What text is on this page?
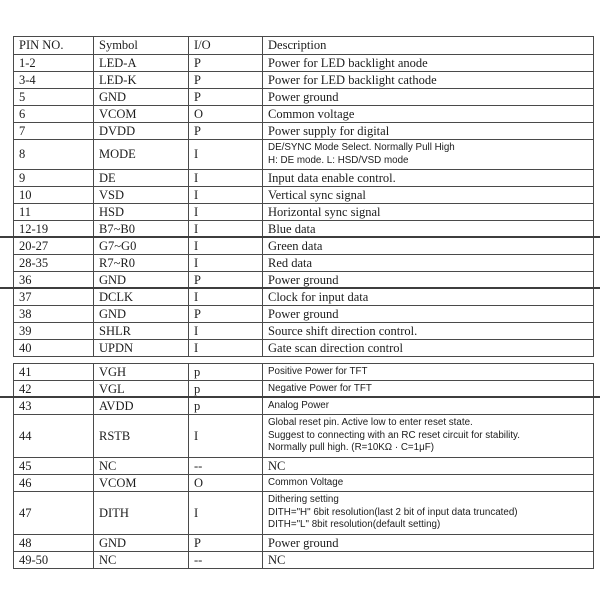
PIN NO.	Symbol	I/O	Description
1-2	LED-A	P	Power for LED backlight anode

3-4	LED-K	P	Power for LED backlight cathode

5	GND	P	Power ground

6	VCOM	O	Common voltage

7	DVDD	P	Power supply for digital

8	MODE	I	DE/SYNC Mode Select. Normally Pull High
H: DE mode. L: HSD/VSD mode

9	DE	I	Input data enable control.

10	VSD	I	Vertical sync signal

11	HSD	I	Horizontal sync signal

12-19	B7~B0	I	Blue data

20-27	G7~G0	I	Green data

28-35	R7~R0	I	Red data

36	GND	P	Power ground

37	DCLK	I	Clock for input data

38	GND	P	Power ground

39	SHLR	I	Source shift direction control.

40	UPDN	I	Gate scan direction control
41	VGH	p	Positive Power for TFT

42	VGL	p	Negative Power for TFT

43	AVDD	p	Analog Power

44	RSTB	I	Global reset pin. Active low to enter reset state.
Suggest to connecting with an RC reset circuit for stability.
Normally pull high. (R=10KΩ · C=1μF)

45	NC	--	NC

46	VCOM	O	Common Voltage

47	DITH	I	Dithering setting
DITH="H" 6bit resolution(last 2 bit of input data truncated)
DITH="L" 8bit resolution(default setting)

48	GND	P	Power ground

49-50	NC	--	NC
